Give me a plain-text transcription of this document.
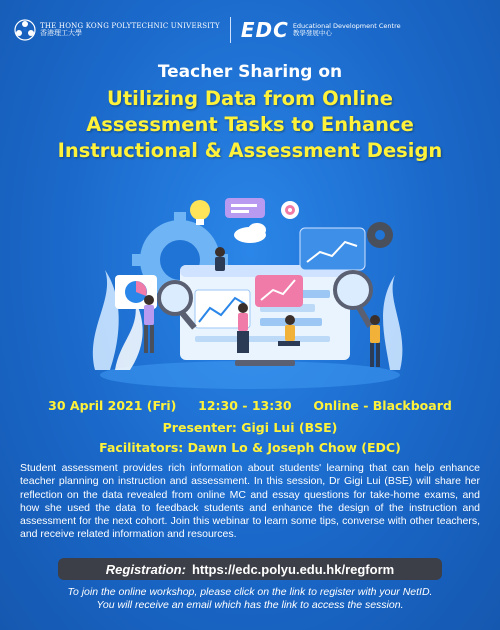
THE HONG KONG POLYTECHNIC UNIVERSITY
香港理工大學	EDC Educational Development Centre
教學發展中心
Teacher Sharing on
Utilizing Data from Online
Assessment Tasks to Enhance
Instructional & Assessment Design
30 April 2021 (Fri) 12:30 - 13:30 Online - Blackboard
Presenter: Gigi Lui (BSE)
Facilitators: Dawn Lo & Joseph Chow (EDC)

Student assessment provides rich information about students' learning that can help enhance teacher planning on instruction and assessment. In this session, Dr Gigi Lui (BSE) will share her reflection on the data revealed from online MC and essay questions for take-home exams, and how she used the data to feedback students and enhance the design of the instruction and assessment for the next cohort. Join this webinar to learn some tips, converse with other teachers, and receive related information and resources.

Registration: https://edc.polyu.edu.hk/regform
To join the online workshop, please click on the link to register with your NetID.
You will receive an email which has the link to access the session.
